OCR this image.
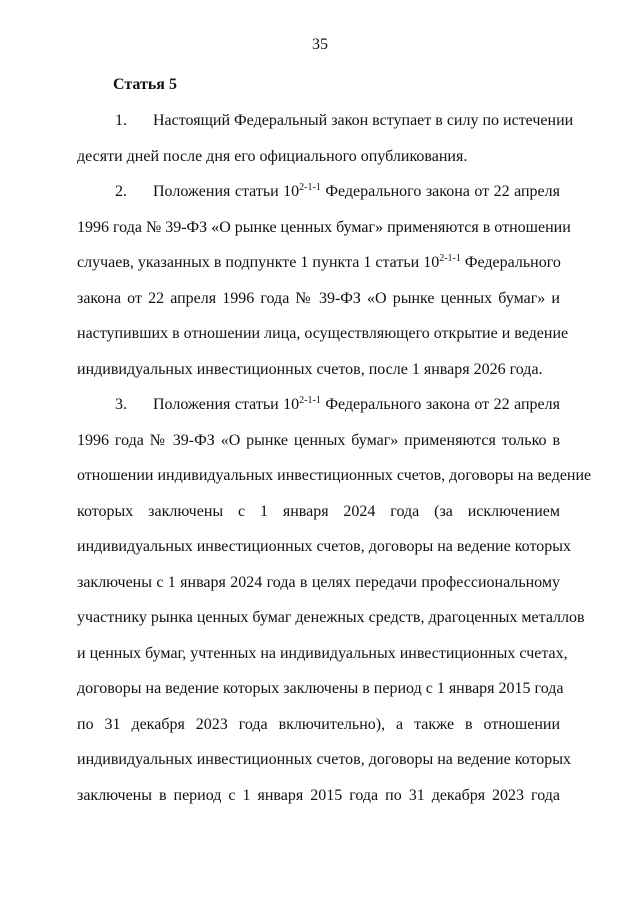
35
Статья 5
1. Настоящий Федеральный закон вступает в силу по истечении
десяти дней после дня его официального опубликования.
2. Положения статьи 10$^{2-1-1}$ Федерального закона от 22 апреля
1996 года № 39-ФЗ «О рынке ценных бумаг» применяются в отношении
случаев, указанных в подпункте 1 пункта 1 статьи 10$^{2-1-1}$ Федерального
закона от 22 апреля 1996 года № 39-ФЗ «О рынке ценных бумаг» и
наступивших в отношении лица, осуществляющего открытие и ведение
индивидуальных инвестиционных счетов, после 1 января 2026 года.
3. Положения статьи 10$^{2-1-1}$ Федерального закона от 22 апреля
1996 года № 39-ФЗ «О рынке ценных бумаг» применяются только в
отношении индивидуальных инвестиционных счетов, договоры на ведение
которых заключены с 1 января 2024 года (за исключением
индивидуальных инвестиционных счетов, договоры на ведение которых
заключены с 1 января 2024 года в целях передачи профессиональному
участнику рынка ценных бумаг денежных средств, драгоценных металлов
и ценных бумаг, учтенных на индивидуальных инвестиционных счетах,
договоры на ведение которых заключены в период с 1 января 2015 года
по 31 декабря 2023 года включительно), а также в отношении
индивидуальных инвестиционных счетов, договоры на ведение которых
заключены в период с 1 января 2015 года по 31 декабря 2023 года
